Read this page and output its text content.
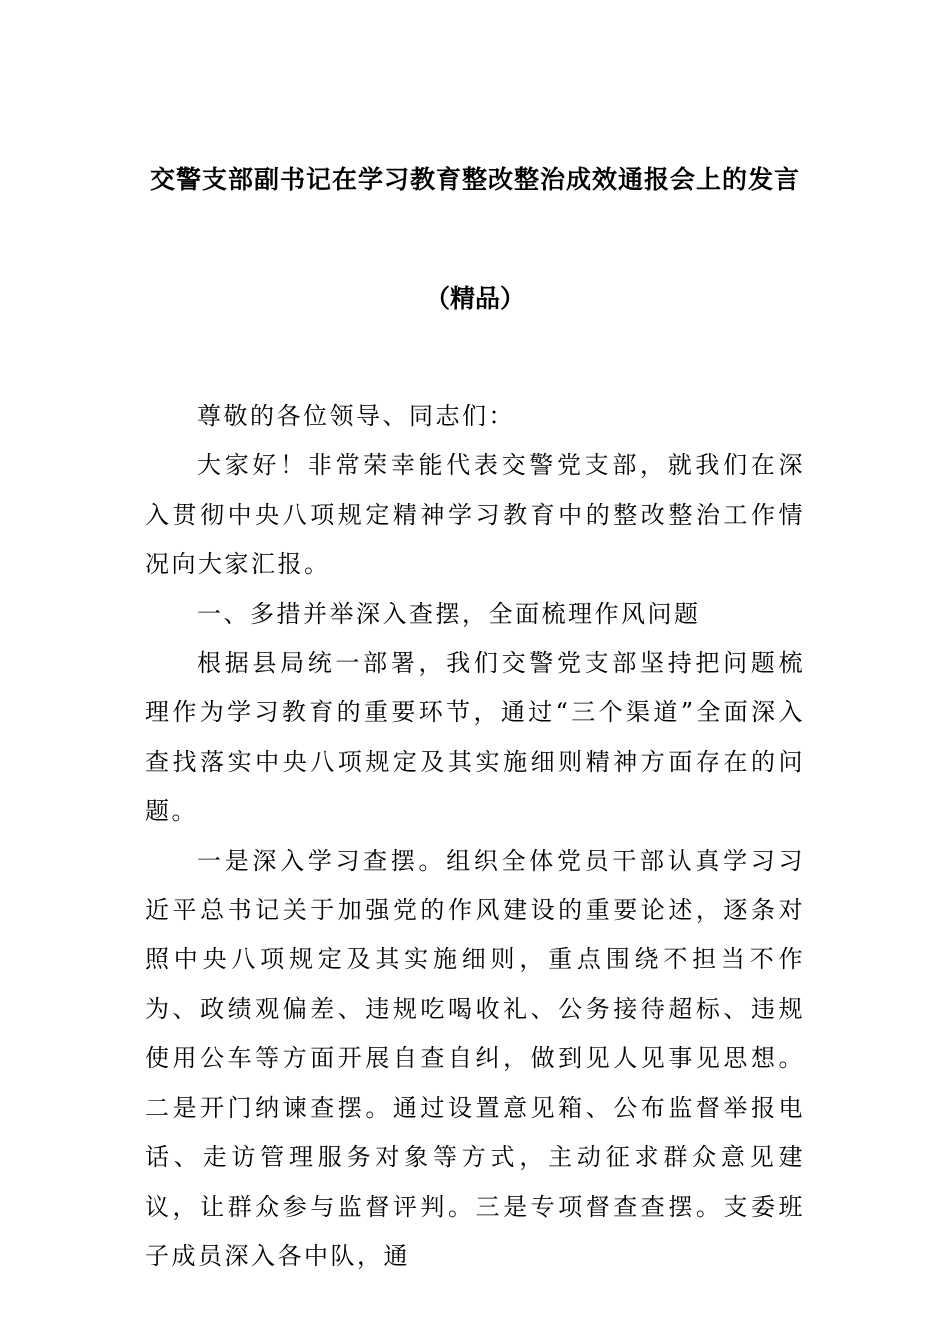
交警支部副书记在学习教育整改整治成效通报会上的发言
（精品）

尊敬的各位领导、同志们：

大家好！非常荣幸能代表交警党支部，就我们在深入贯彻中央八项规定精神学习教育中的整改整治工作情况向大家汇报。

一、多措并举深入查摆，全面梳理作风问题

根据县局统一部署，我们交警党支部坚持把问题梳理作为学习教育的重要环节，通过“三个渠道”全面深入查找落实中央八项规定及其实施细则精神方面存在的问题。

一是深入学习查摆。组织全体党员干部认真学习习近平总书记关于加强党的作风建设的重要论述，逐条对照中央八项规定及其实施细则，重点围绕不担当不作为、政绩观偏差、违规吃喝收礼、公务接待超标、违规使用公车等方面开展自查自纠，做到见人见事见思想。二是开门纳谏查摆。通过设置意见箱、公布监督举报电话、走访管理服务对象等方式，主动征求群众意见建议，让群众参与监督评判。三是专项督查查摆。支委班子成员深入各中队，通
